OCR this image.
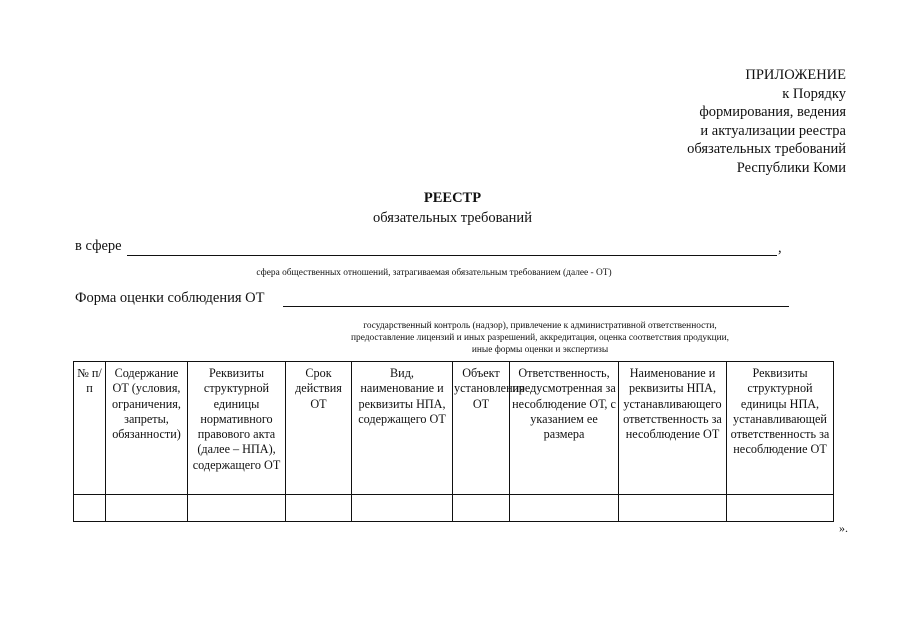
ПРИЛОЖЕНИЕ
к Порядку
формирования, ведения
и актуализации реестра
обязательных требований
Республики Коми
РЕЕСТР
обязательных требований
в сфере	,
сфера общественных отношений, затрагиваемая обязательным требованием (далее - ОТ)
Форма оценки соблюдения ОТ
государственный контроль (надзор), привлечение к административной ответственности,
предоставление лицензий и иных разрешений, аккредитация, оценка соответствия продукции,
иные формы оценки и экспертизы
№ п/п	Содержание ОТ (условия, ограничения, запреты, обязанности)	Реквизиты структурной единицы нормативного правового акта (далее – НПА), содержащего ОТ	Срок действия ОТ	Вид, наименование и реквизиты НПА, содержащего ОТ	Объект установления ОТ	Ответственность, предусмотренная за несоблюдение ОТ, с указанием ее размера	Наименование и реквизиты НПА, устанавливающего ответственность за несоблюдение ОТ	Реквизиты структурной единицы НПА, устанавливающей ответственность за несоблюдение ОТ

».
